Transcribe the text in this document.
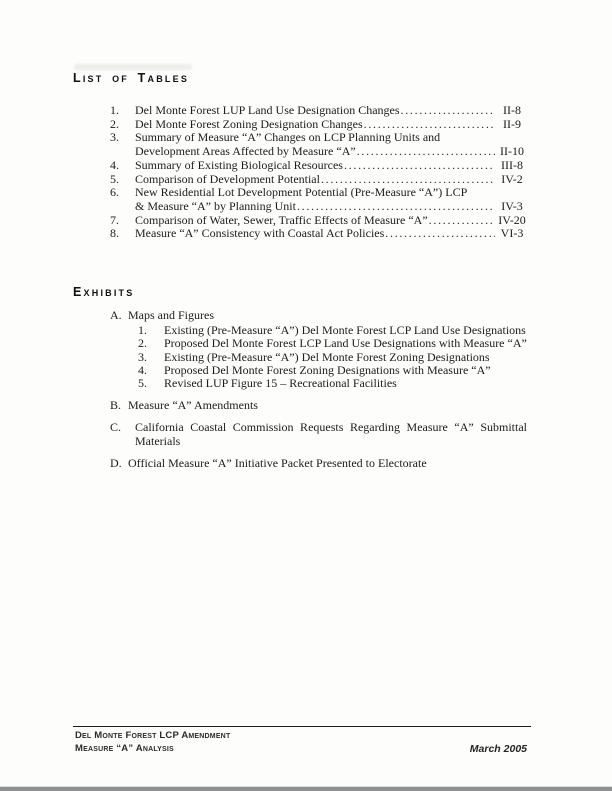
List of Tables
1.	Del Monte Forest LUP Land Use Designation Changes .....	II-8
2.	Del Monte Forest Zoning Designation Changes .....	II-9
3.	Summary of Measure “A” Changes on LCP Planning Units and
Development Areas Affected by Measure “A” .....	II-10
4.	Summary of Existing Biological Resources .....	III-8
5.	Comparison of Development Potential .....	IV-2
6.	New Residential Lot Development Potential (Pre-Measure “A”) LCP
& Measure “A” by Planning Unit .....	IV-3
7.	Comparison of Water, Sewer, Traffic Effects of Measure “A” .....	IV-20
8.	Measure “A” Consistency with Coastal Act Policies .....	VI-3
Exhibits
A. Maps and Figures
1.	Existing (Pre-Measure “A”) Del Monte Forest LCP Land Use Designations
2.	Proposed Del Monte Forest LCP Land Use Designations with Measure “A”
3.	Existing (Pre-Measure “A”) Del Monte Forest Zoning Designations
4.	Proposed Del Monte Forest Zoning Designations with Measure “A”
5.	Revised LUP Figure 15 – Recreational Facilities
B. Measure “A” Amendments
C.	California Coastal Commission Requests Regarding Measure “A” Submittal
Materials
D. Official Measure “A” Initiative Packet Presented to Electorate
Del Monte Forest LCP Amendment
Measure “A” Analysis	March 2005
